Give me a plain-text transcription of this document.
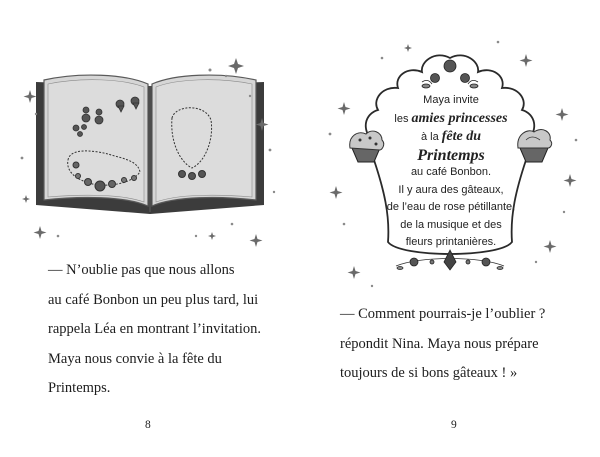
— N’oublie pas que nous allons
au café Bonbon un peu plus tard, lui
rappela Léa en montrant l’invitation.
Maya nous convie à la fête du
Printemps.
8
Maya invite
les amies princesses
à la fête du
Printemps
au café Bonbon.
Il y aura des gâteaux,
de l’eau de rose pétillante,
de la musique et des
fleurs printanières.
— Comment pourrais-je l’oublier ?
répondit Nina. Maya nous prépare
toujours de si bons gâteaux ! »
9
